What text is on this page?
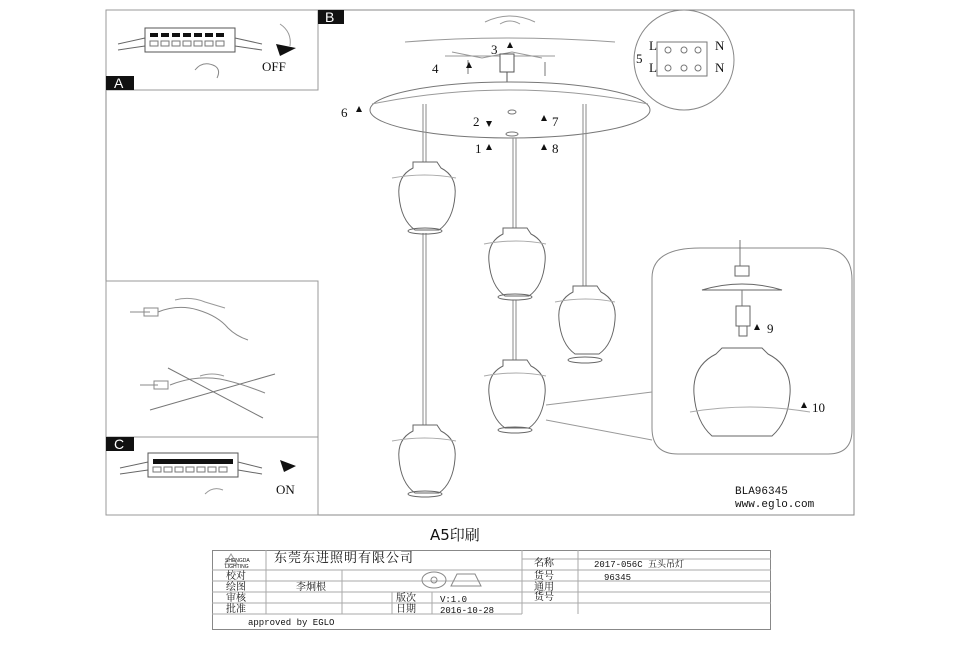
A
B
OFF
C
ON
L
L
N
N
1
2
3
4
5
6
7
8
9
10
BLA96345
www.eglo.com
A5印刷
SHENGDA
LIGHTING
东莞东进照明有限公司
校对
绘图	李炯根
审核
批准
版次	V:1.0
日期	2016-10-28
名称	2017-056C 五头吊灯
货号	96345
通用
货号
approved by EGLO
